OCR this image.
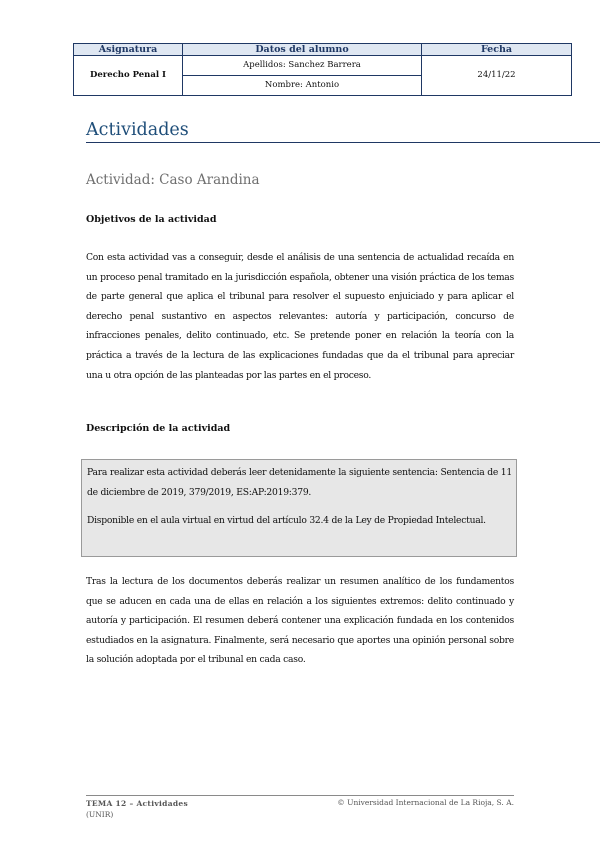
Asignatura	Datos del alumno	Fecha
Derecho Penal I	Apellidos: Sanchez Barrera	24/11/22
	Nombre: Antonio	
Actividades
Actividad: Caso Arandina
Objetivos de la actividad

Con esta actividad vas a conseguir, desde el análisis de una sentencia de actualidad recaída en un proceso penal tramitado en la jurisdicción española, obtener una visión práctica de los temas de parte general que aplica el tribunal para resolver el supuesto enjuiciado y para aplicar el derecho penal sustantivo en aspectos relevantes: autoría y participación, concurso de infracciones penales, delito continuado, etc. Se pretende poner en relación la teoría con la práctica a través de la lectura de las explicaciones fundadas que da el tribunal para apreciar una u otra opción de las planteadas por las partes en el proceso.

Descripción de la actividad

Para realizar esta actividad deberás leer detenidamente la siguiente sentencia: Sentencia de 11 de diciembre de 2019, 379/2019, ES:AP:2019:379.

Disponible en el aula virtual en virtud del artículo 32.4 de la Ley de Propiedad Intelectual.

Tras la lectura de los documentos deberás realizar un resumen analítico de los fundamentos que se aducen en cada una de ellas en relación a los siguientes extremos: delito continuado y autoría y participación. El resumen deberá contener una explicación fundada en los contenidos estudiados en la asignatura. Finalmente, será necesario que aportes una opinión personal sobre la solución adoptada por el tribunal en cada caso.

TEMA 12 – Actividades
(UNIR)
© Universidad Internacional de La Rioja, S. A.
